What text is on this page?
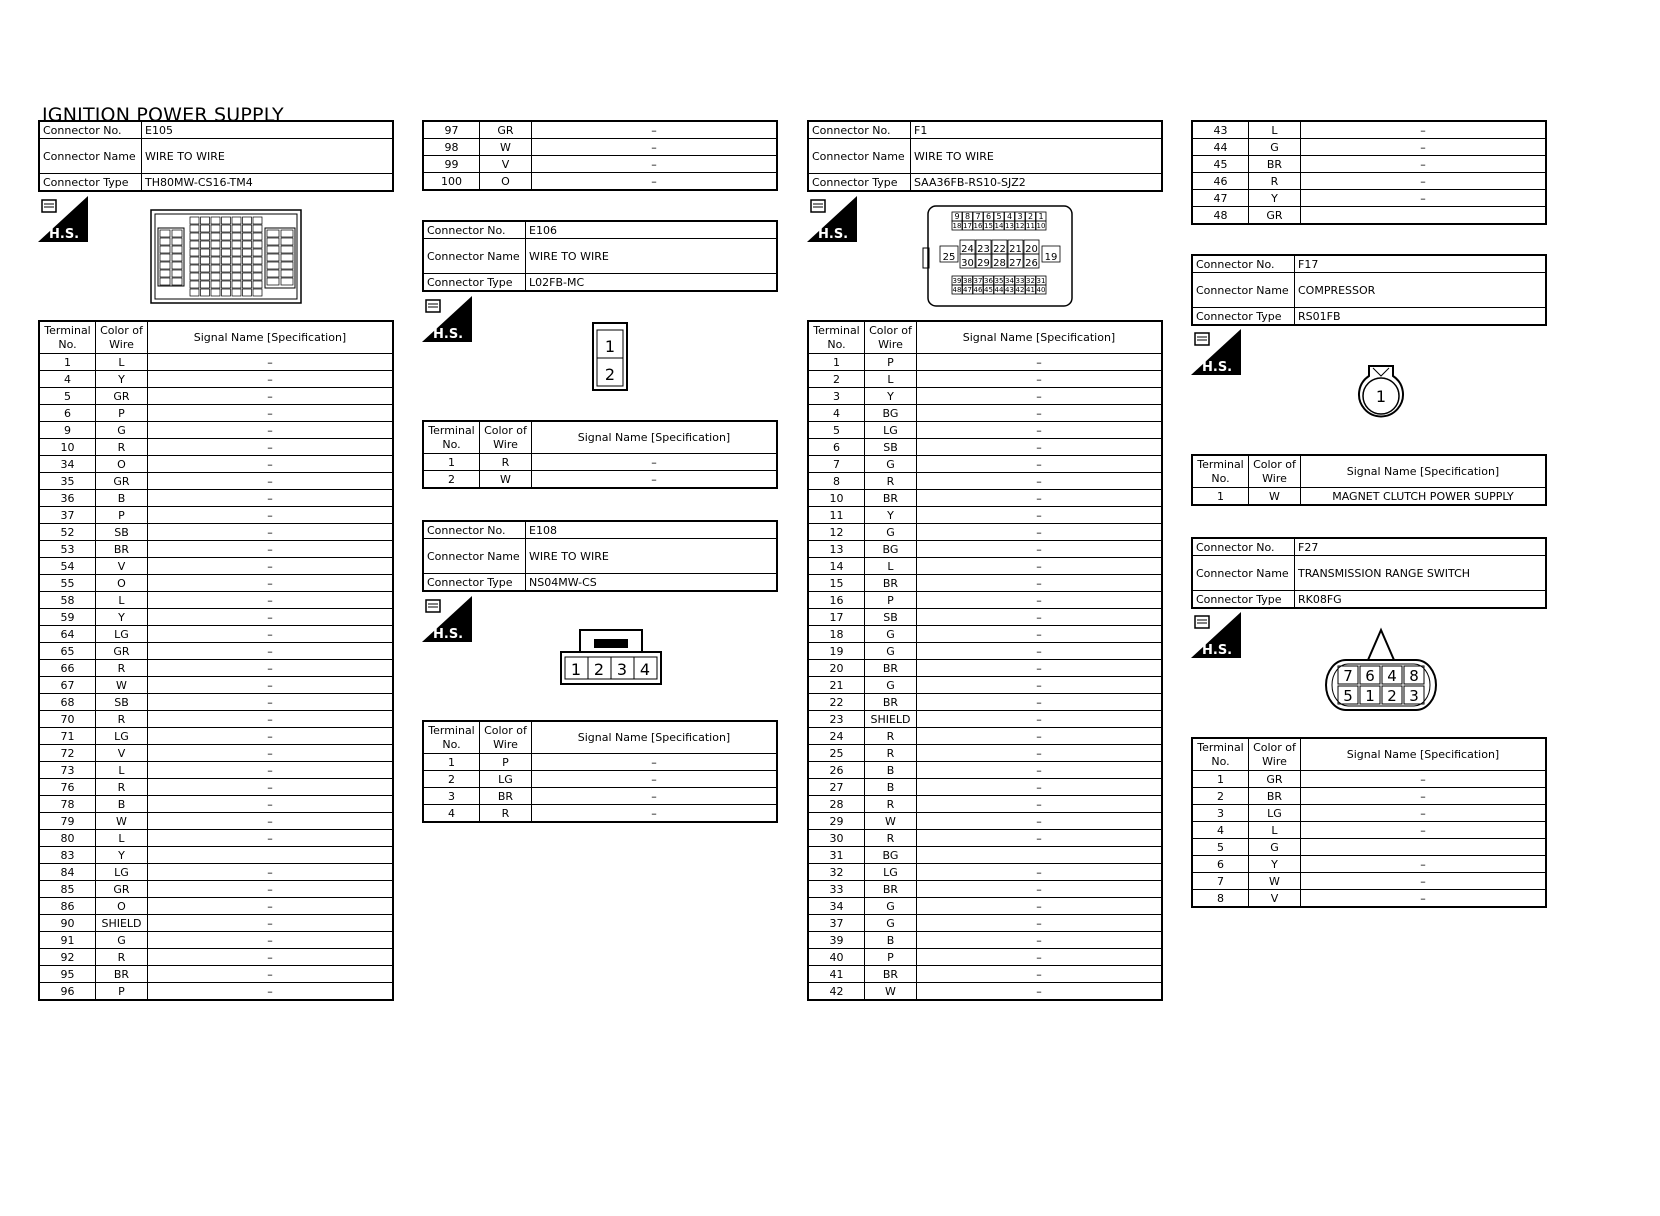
IGNITION POWER SUPPLY
Connector No.	E105
Connector Name	WIRE TO WIRE
Connector Type	TH80MW-CS16-TM4
H.S.
Terminal No.	Color of Wire	Signal Name [Specification]
1	L	–
4	Y	–
5	GR	–
6	P	–
9	G	–
10	R	–
34	O	–
35	GR	–
36	B	–
37	P	–
52	SB	–
53	BR	–
54	V	–
55	O	–
58	L	–
59	Y	–
64	LG	–
65	GR	–
66	R	–
67	W	–
68	SB	–
70	R	–
71	LG	–
72	V	–
73	L	–
76	R	–
78	B	–
79	W	–
80	L	–
83	Y	
84	LG	–
85	GR	–
86	O	–
90	SHIELD	–
91	G	–
92	R	–
95	BR	–
96	P	–
97	GR	–
98	W	–
99	V	–
100	O	–
Connector No.	E106
Connector Name	WIRE TO WIRE
Connector Type	L02FB-MC
H.S.
1
2
Terminal No.	Color of Wire	Signal Name [Specification]
1	R	–
2	W	–
Connector No.	E108
Connector Name	WIRE TO WIRE
Connector Type	NS04MW-CS
H.S.
1 2 3 4
Terminal No.	Color of Wire	Signal Name [Specification]
1	P	–
2	LG	–
3	BR	–
4	R	–
Connector No.	F1
Connector Name	WIRE TO WIRE
Connector Type	SAA36FB-RS10-SJZ2
H.S.
9 8 7 6 5 4 3 2 1
18 17 16 15 14 13 12 11 10
24 23 22 21 20
30 29 28 27 26
25	19
39 38 37 36 35 34 33 32 31
48 47 46 45 44 43 42 41 40
Terminal No.	Color of Wire	Signal Name [Specification]
1	P	–
2	L	–
3	Y	–
4	BG	–
5	LG	–
6	SB	–
7	G	–
8	R	–
10	BR	–
11	Y	–
12	G	–
13	BG	–
14	L	–
15	BR	–
16	P	–
17	SB	–
18	G	–
19	G	–
20	BR	–
21	G	–
22	BR	–
23	SHIELD	–
24	R	–
25	R	–
26	B	–
27	B	–
28	R	–
29	W	–
30	R	–
31	BG	
32	LG	–
33	BR	–
34	G	–
37	G	–
39	B	–
40	P	–
41	BR	–
42	W	–
43	L	–
44	G	–
45	BR	–
46	R	–
47	Y	–
48	GR	
Connector No.	F17
Connector Name	COMPRESSOR
Connector Type	RS01FB
H.S.
1
Terminal No.	Color of Wire	Signal Name [Specification]
1	W	MAGNET CLUTCH POWER SUPPLY
Connector No.	F27
Connector Name	TRANSMISSION RANGE SWITCH
Connector Type	RK08FG
H.S.
7 6 4 8
5 1 2 3
Terminal No.	Color of Wire	Signal Name [Specification]
1	GR	–
2	BR	–
3	LG	–
4	L	–
5	G	
6	Y	–
7	W	–
8	V	–
